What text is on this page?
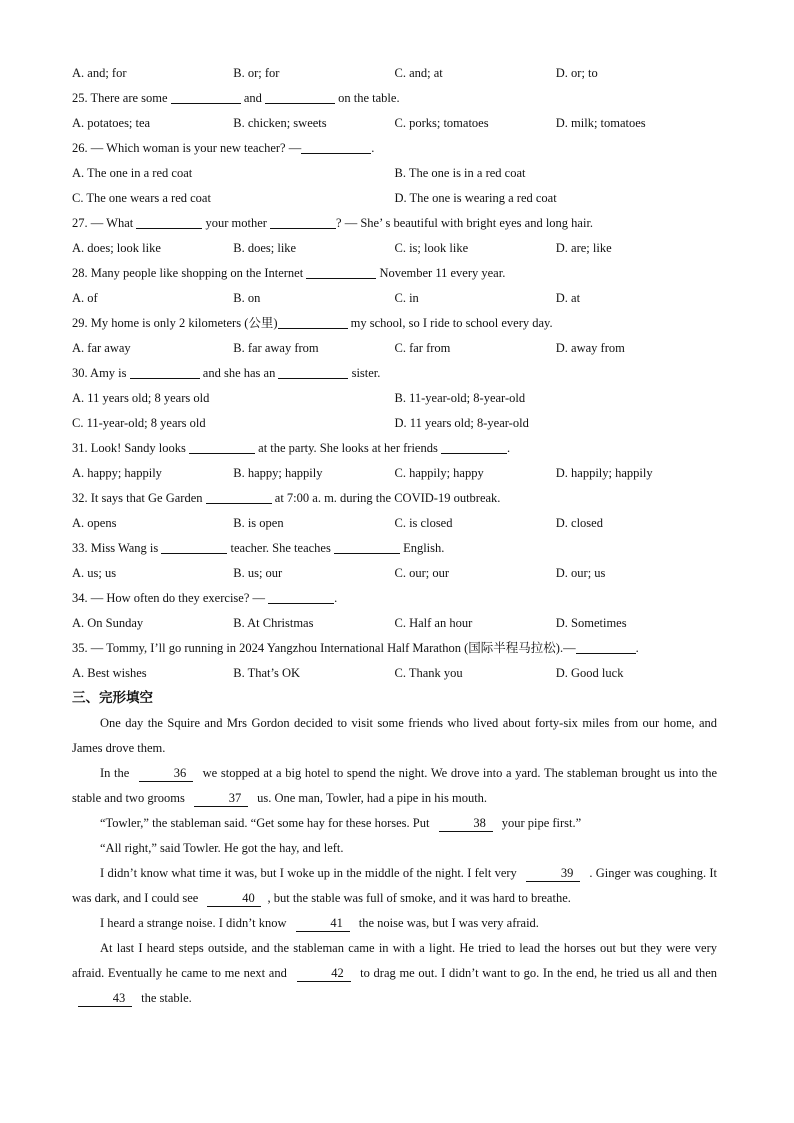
A. and; for	B. or; for	C. and; at	D. or; to
25. There are some	and	on the table.
A. potatoes; tea	B. chicken; sweets	C. porks; tomatoes	D. milk; tomatoes
26. — Which woman is your new teacher? —	.
A. The one in a red coat	B. The one is in a red coat
C. The one wears a red coat	D. The one is wearing a red coat
27. — What	your mother	? — She’ s beautiful with bright eyes and long hair.
A. does; look like	B. does; like	C. is; look like	D. are; like
28. Many people like shopping on the Internet	November 11 every year.
A. of	B. on	C. in	D. at
29. My home is only 2 kilometers (公里)	my school, so I ride to school every day.
A. far away	B. far away from	C. far from	D. away from
30. Amy is	and she has an	sister.
A. 11 years old; 8 years old	B. 11-year-old; 8-year-old
C. 11-year-old; 8 years old	D. 11 years old; 8-year-old
31. Look! Sandy looks	at the party. She looks at her friends	.
A. happy; happily	B. happy; happily	C. happily; happy	D. happily; happily
32. It says that Ge Garden	at 7:00 a. m. during the COVID-19 outbreak.
A. opens	B. is open	C. is closed	D. closed
33. Miss Wang is	teacher. She teaches	English.
A. us; us	B. us; our	C. our; our	D. our; us
34. — How often do they exercise? —	.
A. On Sunday	B. At Christmas	C. Half an hour	D. Sometimes
35. — Tommy, I’ll go running in 2024 Yangzhou International Half Marathon (国际半程马拉松).—	.
A. Best wishes	B. That’s OK	C. Thank you	D. Good luck
三、完形填空

One day the Squire and Mrs Gordon decided to visit some friends who lived about forty-six miles from our home, and James drove them.

In the	36 we stopped at a big hotel to spend the night. We drove into a yard. The stableman brought us into the stable and two grooms	37 us. One man, Towler, had a pipe in his mouth.

“Towler,” the stableman said. “Get some hay for these horses. Put	38 your pipe first.”

“All right,” said Towler. He got the hay, and left.

I didn’t know what time it was, but I woke up in the middle of the night. I felt very	39 . Ginger was coughing. It was dark, and I could see	40 , but the stable was full of smoke, and it was hard to breathe.

I heard a strange noise. I didn’t know	41 the noise was, but I was very afraid.

At last I heard steps outside, and the stableman came in with a light. He tried to lead the horses out but they were very afraid. Eventually he came to me next and	42 to drag me out. I didn’t want to go. In the end, he tried us all and then 43 the stable.
